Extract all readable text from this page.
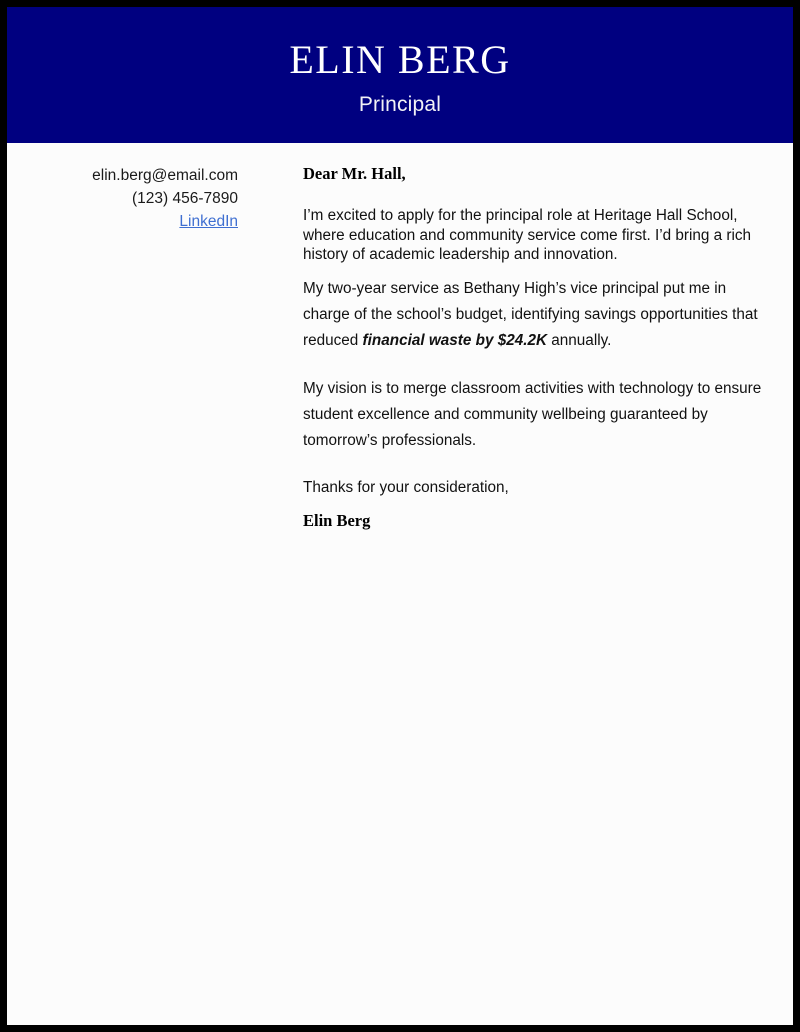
ELIN BERG
Principal
elin.berg@email.com
(123) 456-7890
LinkedIn

Dear Mr. Hall,

I’m excited to apply for the principal role at Heritage Hall School, where education and community service come first. I’d bring a rich history of academic leadership and innovation.

My two-year service as Bethany High’s vice principal put me in charge of the school’s budget, identifying savings opportunities that reduced financial waste by $24.2K annually.

My vision is to merge classroom activities with technology to ensure student excellence and community wellbeing guaranteed by tomorrow’s professionals.

Thanks for your consideration,

Elin Berg
